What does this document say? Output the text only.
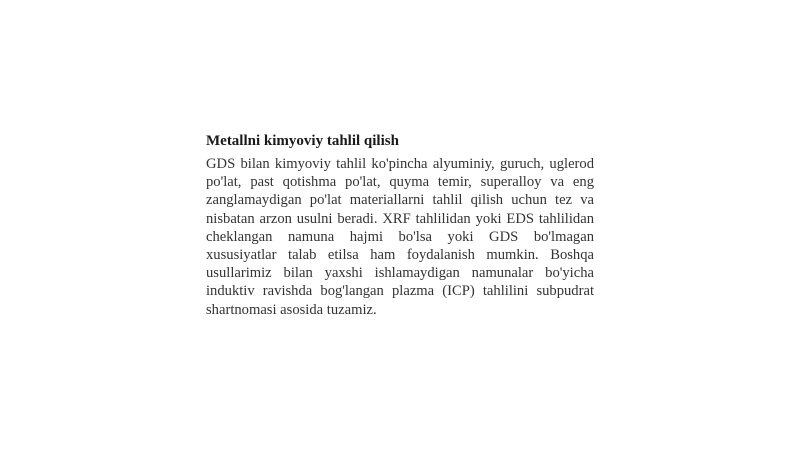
Metallni kimyoviy tahlil qilish

GDS bilan kimyoviy tahlil ko'pincha alyuminiy, guruch, uglerod po'lat, past qotishma po'lat, quyma temir, superalloy va eng zanglamaydigan po'lat materiallarni tahlil qilish uchun tez va nisbatan arzon usulni beradi. XRF tahlilidan yoki EDS tahlilidan cheklangan namuna hajmi bo'lsa yoki GDS bo'lmagan xususiyatlar talab etilsa ham foydalanish mumkin. Boshqa usullarimiz bilan yaxshi ishlamaydigan namunalar bo'yicha induktiv ravishda bog'langan plazma (ICP) tahlilini subpudrat shartnomasi asosida tuzamiz.
